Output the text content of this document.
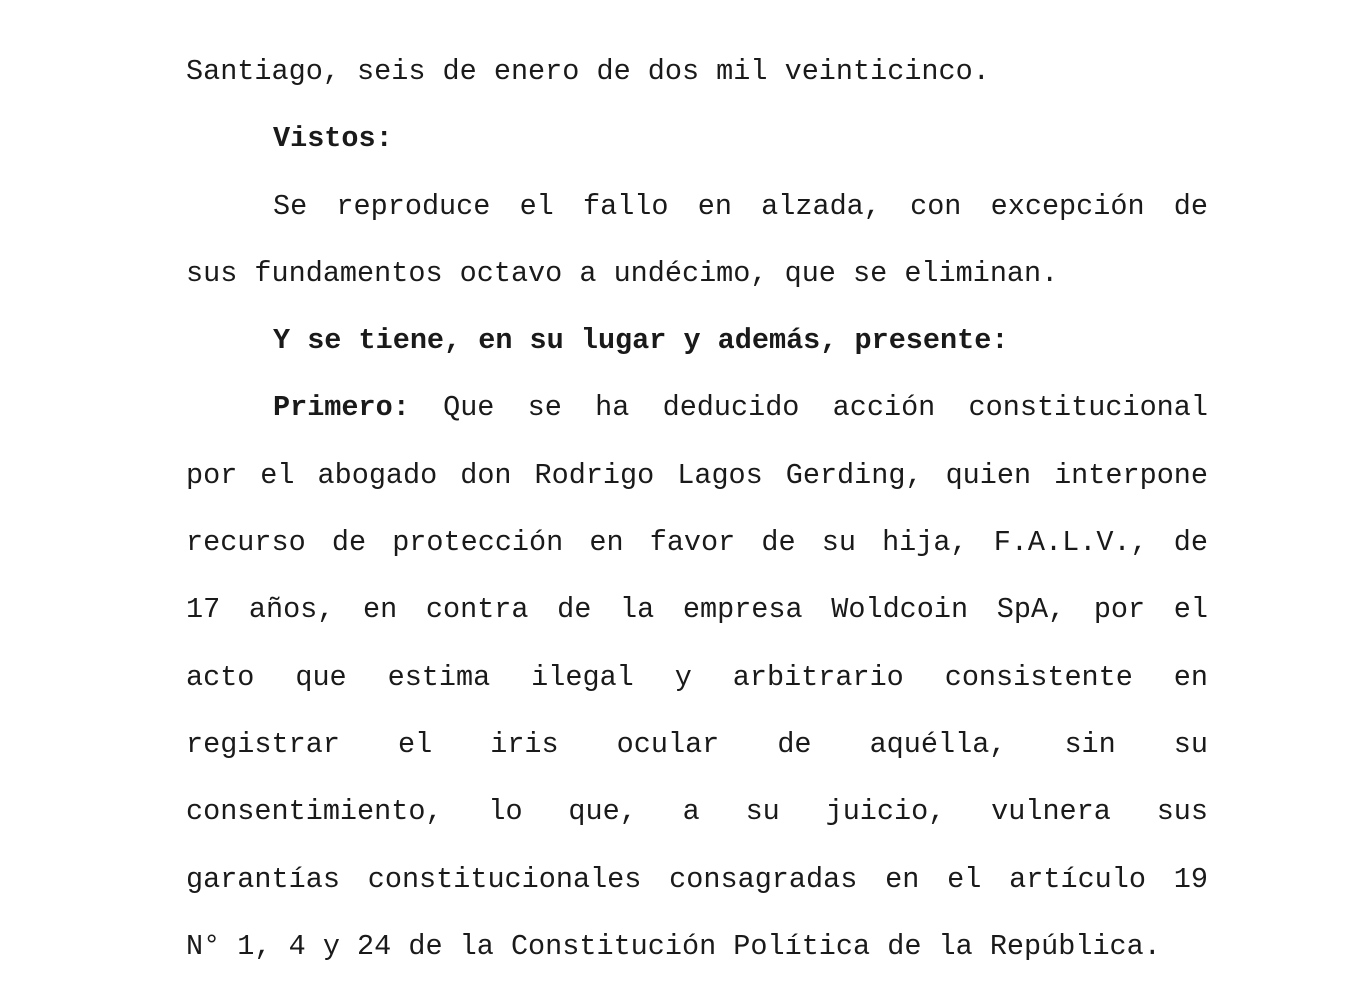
Santiago, seis de enero de dos mil veinticinco.
Vistos:
Se reproduce el fallo en alzada, con excepción de
sus fundamentos octavo a undécimo, que se eliminan.
Y se tiene, en su lugar y además, presente:
Primero: Que se ha deducido acción constitucional
por el abogado don Rodrigo Lagos Gerding, quien interpone
recurso de protección en favor de su hija, F.A.L.V., de
17 años, en contra de la empresa Woldcoin SpA, por el
acto que estima ilegal y arbitrario consistente en
registrar el iris ocular de aquélla, sin su
consentimiento, lo que, a su juicio, vulnera sus
garantías constitucionales consagradas en el artículo 19
N° 1, 4 y 24 de la Constitución Política de la República.
